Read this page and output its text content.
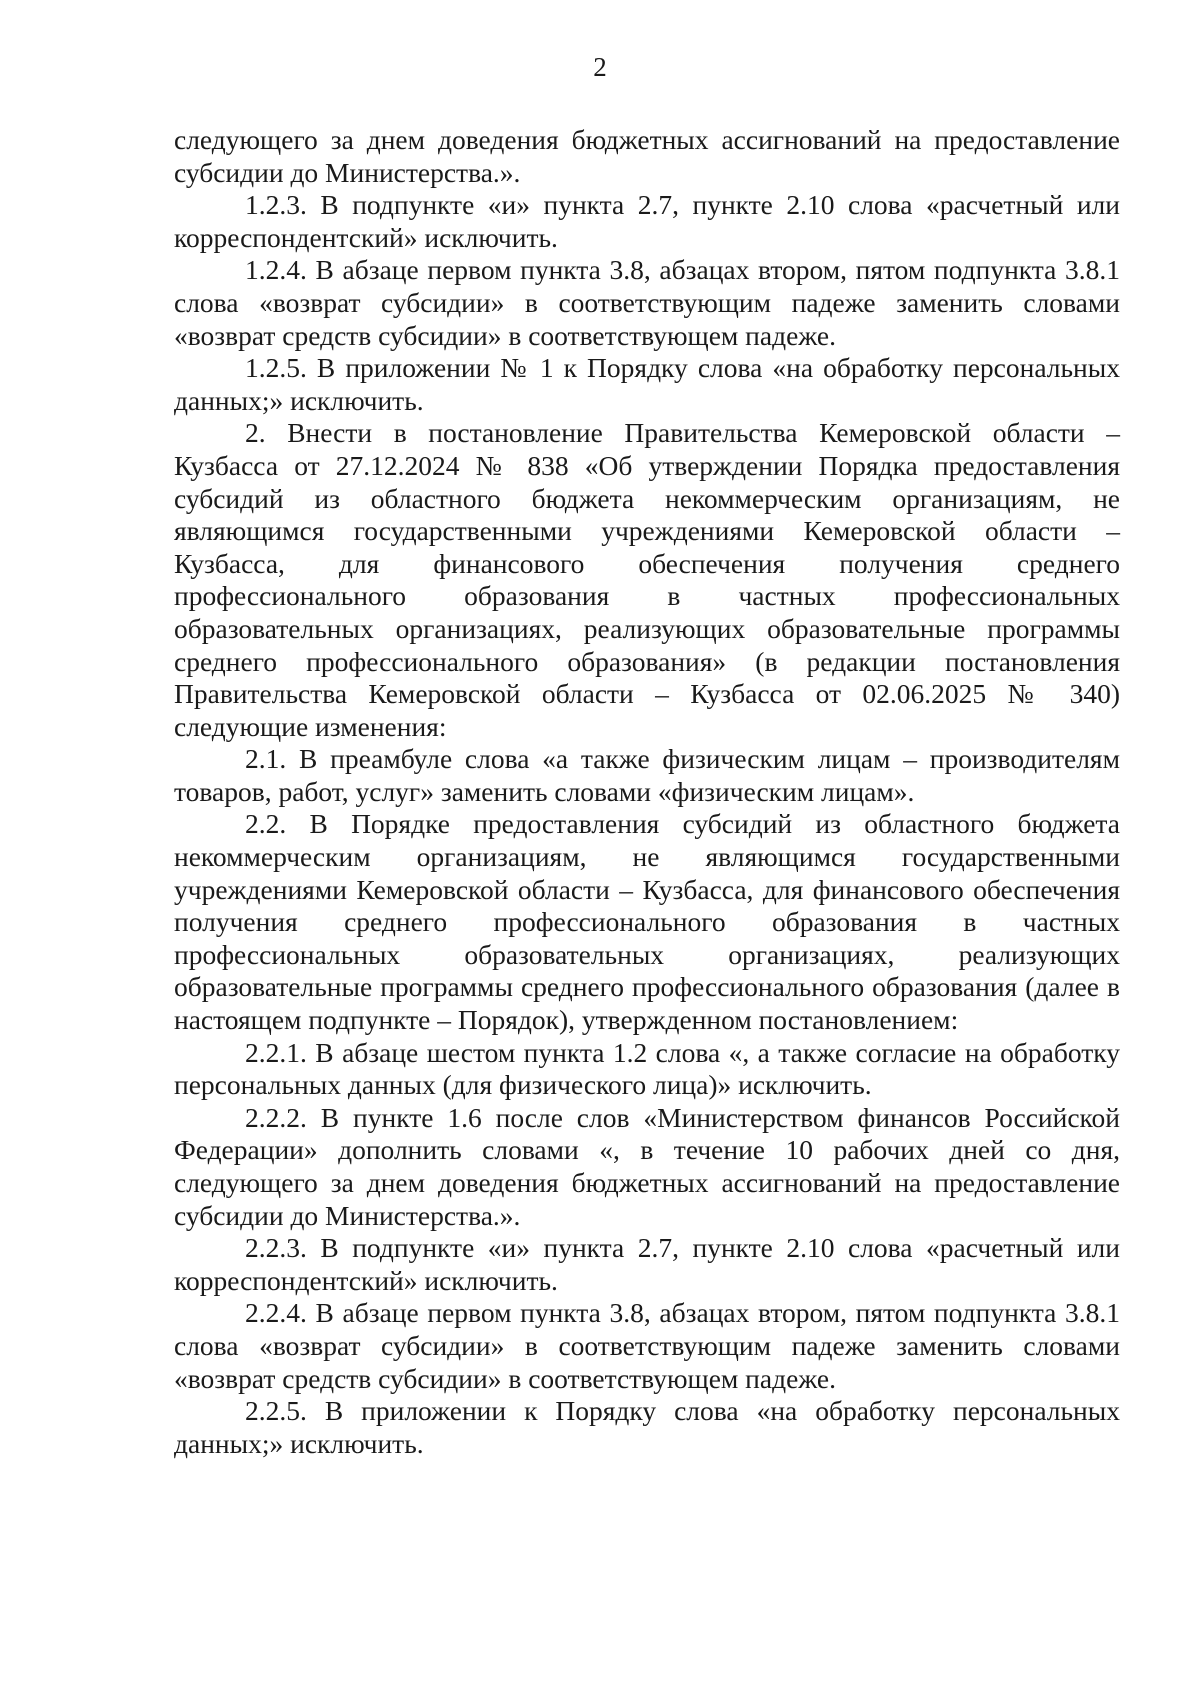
2

следующего за днем доведения бюджетных ассигнований на предоставление субсидии до Министерства.».

1.2.3. В подпункте «и» пункта 2.7, пункте 2.10 слова «расчетный или корреспондентский» исключить.

1.2.4. В абзаце первом пункта 3.8, абзацах втором, пятом подпункта 3.8.1 слова «возврат субсидии» в соответствующим падеже заменить словами «возврат средств субсидии» в соответствующем падеже.

1.2.5. В приложении № 1 к Порядку слова «на обработку персональных данных;» исключить.

2. Внести в постановление Правительства Кемеровской области – Кузбасса от 27.12.2024 № 838 «Об утверждении Порядка предоставления субсидий из областного бюджета некоммерческим организациям, не являющимся государственными учреждениями Кемеровской области – Кузбасса, для финансового обеспечения получения среднего профессионального образования в частных профессиональных образовательных организациях, реализующих образовательные программы среднего профессионального образования» (в редакции постановления Правительства Кемеровской области – Кузбасса от 02.06.2025 № 340) следующие изменения:

2.1. В преамбуле слова «а также физическим лицам – производителям товаров, работ, услуг» заменить словами «физическим лицам».

2.2. В Порядке предоставления субсидий из областного бюджета некоммерческим организациям, не являющимся государственными учреждениями Кемеровской области – Кузбасса, для финансового обеспечения получения среднего профессионального образования в частных профессиональных образовательных организациях, реализующих образовательные программы среднего профессионального образования (далее в настоящем подпункте – Порядок), утвержденном постановлением:

2.2.1. В абзаце шестом пункта 1.2 слова «, а также согласие на обработку персональных данных (для физического лица)» исключить.

2.2.2. В пункте 1.6 после слов «Министерством финансов Российской Федерации» дополнить словами «, в течение 10 рабочих дней со дня, следующего за днем доведения бюджетных ассигнований на предоставление субсидии до Министерства.».

2.2.3. В подпункте «и» пункта 2.7, пункте 2.10 слова «расчетный или корреспондентский» исключить.

2.2.4. В абзаце первом пункта 3.8, абзацах втором, пятом подпункта 3.8.1 слова «возврат субсидии» в соответствующим падеже заменить словами «возврат средств субсидии» в соответствующем падеже.

2.2.5. В приложении к Порядку слова «на обработку персональных данных;» исключить.
